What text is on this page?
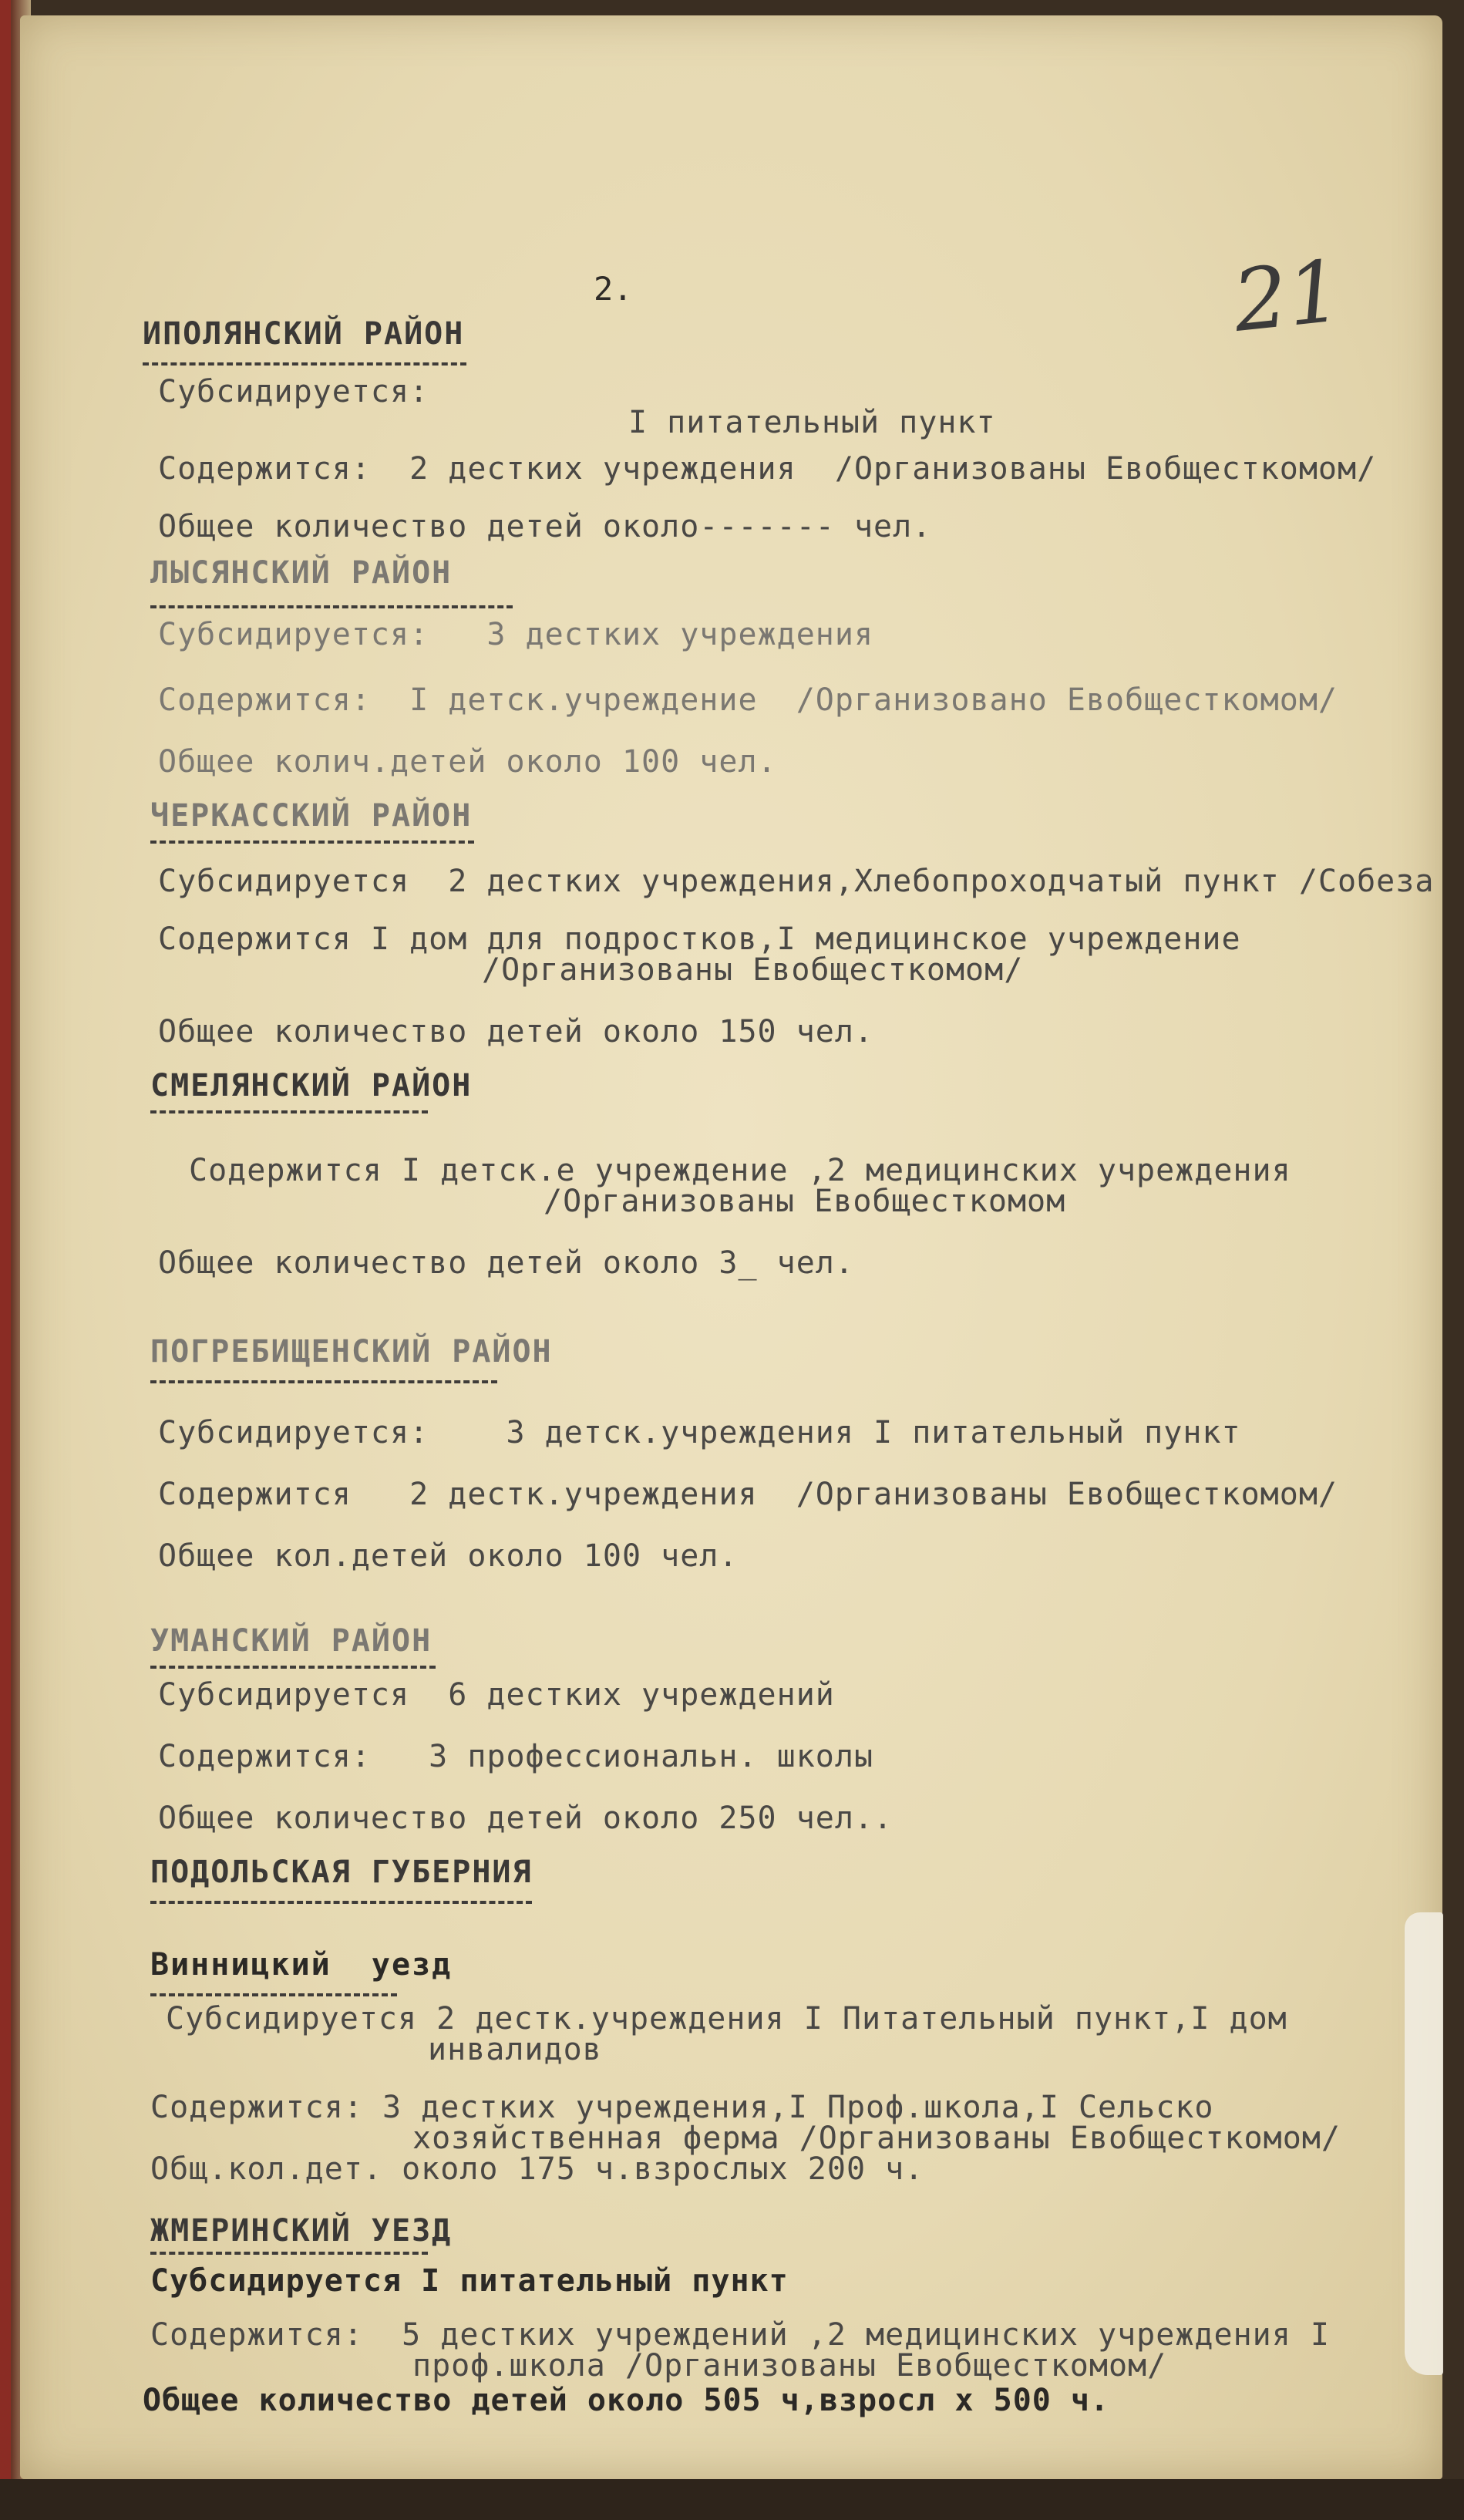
21
2.
ИПОЛЯНСКИЙ РАЙОН
Субсидируется:
I питательный пункт
Содержится:  2 дестких учреждения  /Организованы Евобщесткомом/
Общее количество детей около------- чел.
ЛЫСЯНСКИЙ РАЙОН
Субсидируется:   3 дестких учреждения
Содержится:  I детск.учреждение  /Организовано Евобщесткомом/
Общее колич.детей около 100 чел.
ЧЕРКАССКИЙ РАЙОН
Субсидируется  2 дестких учреждения,Хлебопроходчатый пункт /Собеза
Содержится I дом для подростков,I медицинское учреждение
/Организованы Евобщесткомом/
Общее количество детей около 150 чел.
СМЕЛЯНСКИЙ РАЙОН
Содержится I детск.е учреждение ,2 медицинских учреждения
/Организованы Евобщесткомом
Общее количество детей около 3_ чел.
ПОГРЕБИЩЕНСКИЙ РАЙОН
Субсидируется:    3 детск.учреждения I питательный пункт
Содержится   2 дестк.учреждения  /Организованы Евобщесткомом/
Общее кол.детей около 100 чел.
УМАНСКИЙ РАЙОН
Субсидируется  6 дестких учреждений
Содержится:   3 профессиональн. школы
Общее количество детей около 250 чел..
ПОДОЛЬСКАЯ ГУБЕРНИЯ
Винницкий  уезд
Субсидируется 2 дестк.учреждения I Питательный пункт,I дом
инвалидов
Содержится: 3 дестких учреждения,I Проф.школа,I Сельско
хозяйственная ферма /Организованы Евобщесткомом/
Общ.кол.дет. около 175 ч.взрослых 200 ч.
ЖМЕРИНСКИЙ УЕЗД
Субсидируется I питательный пункт
Содержится:  5 дестких учреждений ,2 медицинских учреждения I
проф.школа /Организованы Евобщесткомом/
Общее количество детей около 505 ч,взросл х 500 ч.
